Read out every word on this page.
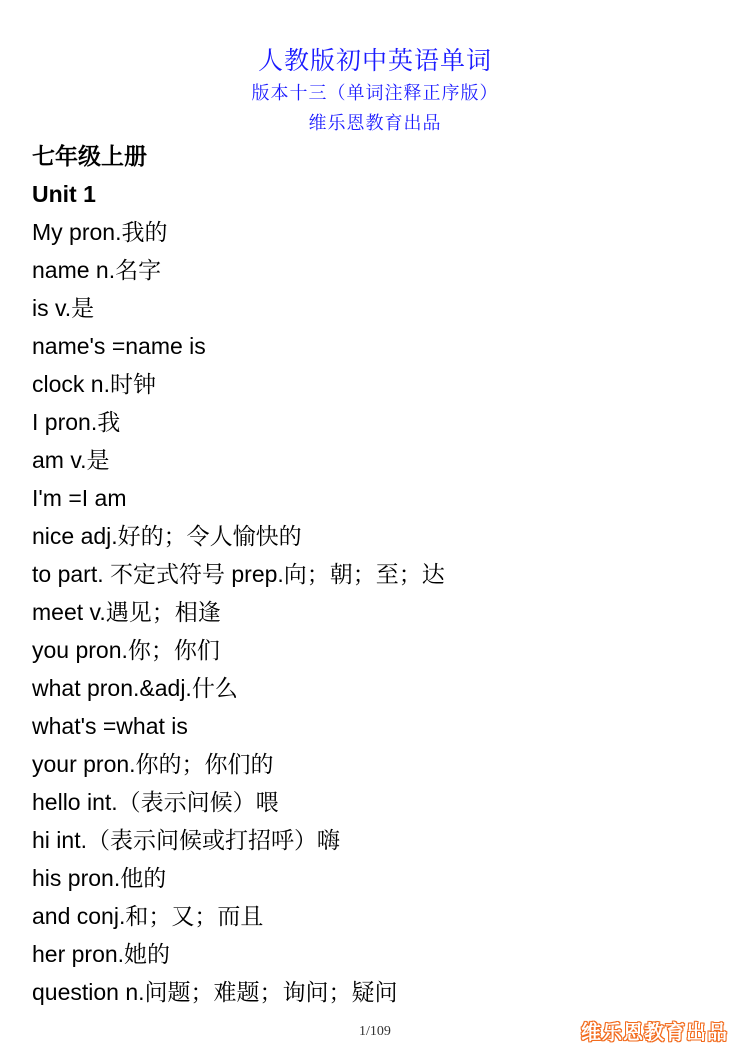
人教版初中英语单词
版本十三（单词注释正序版）
维乐恩教育出品
七年级上册
Unit 1
My pron.我的
name n.名字
is v.是
name's =name is
clock n.时钟
I pron.我
am v.是
I'm =I am
nice adj.好的；令人愉快的
to part. 不定式符号 prep.向；朝；至；达
meet v.遇见；相逢
you pron.你；你们
what pron.&adj.什么
what's =what is
your pron.你的；你们的
hello int.（表示问候）喂
hi int.（表示问候或打招呼）嗨
his pron.他的
and conj.和；又；而且
her pron.她的
question n.问题；难题；询问；疑问
1/109	维乐恩教育出品
